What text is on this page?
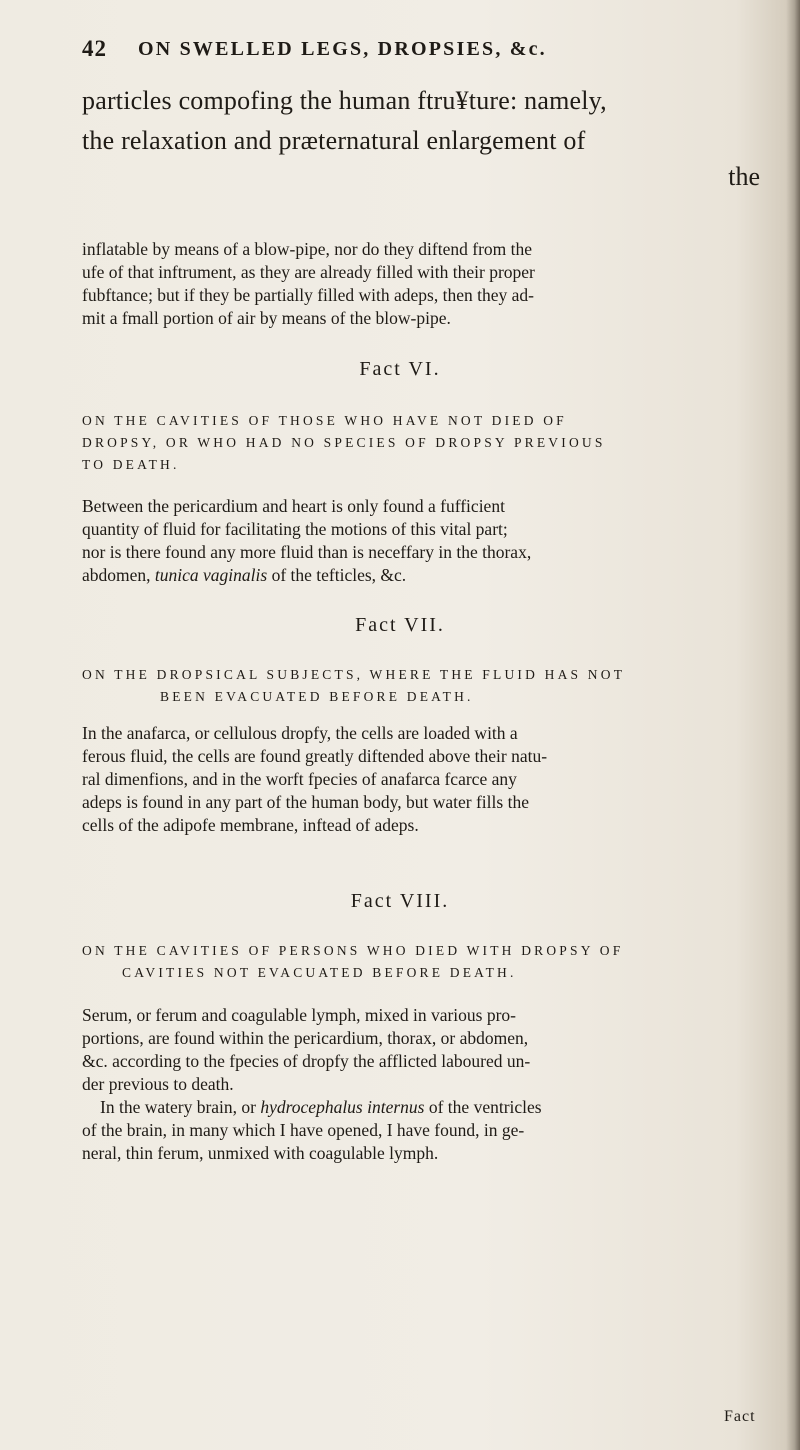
42 ON SWELLED LEGS, DROPSIES, &c.
particles compofing the human ftru¥ture: namely,
the relaxation and præternatural enlargement of
the
inflatable by means of a blow-pipe, nor do they diftend from the
ufe of that inftrument, as they are already filled with their proper
fubftance; but if they be partially filled with adeps, then they ad-
mit a fmall portion of air by means of the blow-pipe.
Fact VI.
ON THE CAVITIES OF THOSE WHO HAVE NOT DIED OF
DROPSY, OR WHO HAD NO SPECIES OF DROPSY PREVIOUS
TO DEATH.
Between the pericardium and heart is only found a fufficient
quantity of fluid for facilitating the motions of this vital part;
nor is there found any more fluid than is neceffary in the thorax,
abdomen, tunica vaginalis of the tefticles, &c.
Fact VII.
ON THE DROPSICAL SUBJECTS, WHERE THE FLUID HAS NOT
BEEN EVACUATED BEFORE DEATH.
In the anafarca, or cellulous dropfy, the cells are loaded with a
ferous fluid, the cells are found greatly diftended above their natu-
ral dimenfions, and in the worft fpecies of anafarca fcarce any
adeps is found in any part of the human body, but water fills the
cells of the adipofe membrane, inftead of adeps.
Fact VIII.
ON THE CAVITIES OF PERSONS WHO DIED WITH DROPSY OF
CAVITIES NOT EVACUATED BEFORE DEATH.
Serum, or ferum and coagulable lymph, mixed in various pro-
portions, are found within the pericardium, thorax, or abdomen,
&c. according to the fpecies of dropfy the afflicted laboured un-
der previous to death.
In the watery brain, or hydrocephalus internus of the ventricles
of the brain, in many which I have opened, I have found, in ge-
neral, thin ferum, unmixed with coagulable lymph.
Fact
